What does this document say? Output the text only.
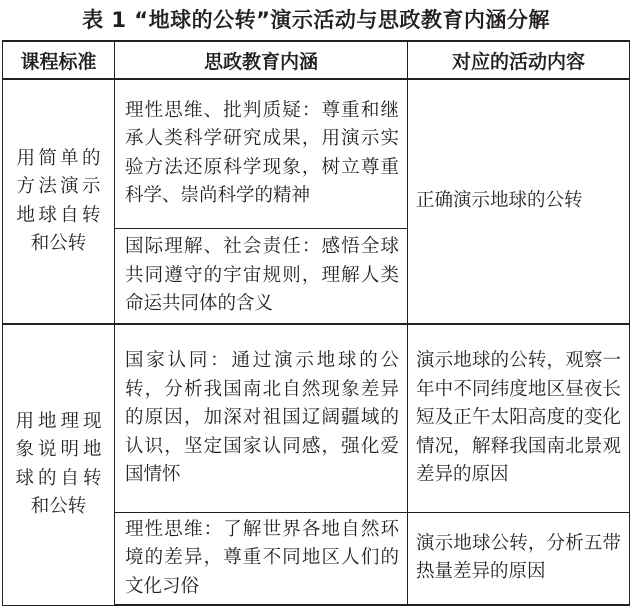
表 1 “地球的公转”演示活动与思政教育内涵分解
课程标准	思政教育内涵	对应的活动内容
用简单的方法演示地球自转和公转	理性思维、批判质疑：尊重和继承人类科学研究成果，用演示实验方法还原科学现象，树立尊重科学、崇尚科学的精神	正确演示地球的公转
	国际理解、社会责任：感悟全球共同遵守的宇宙规则，理解人类命运共同体的含义	
用地理现象说明地球的自转和公转	国家认同：通过演示地球的公转，分析我国南北自然现象差异的原因，加深对祖国辽阔疆域的认识，坚定国家认同感，强化爱国情怀	演示地球的公转，观察一年中不同纬度地区昼夜长短及正午太阳高度的变化情况，解释我国南北景观差异的原因
	理性思维：了解世界各地自然环境的差异，尊重不同地区人们的文化习俗	演示地球公转，分析五带热量差异的原因
